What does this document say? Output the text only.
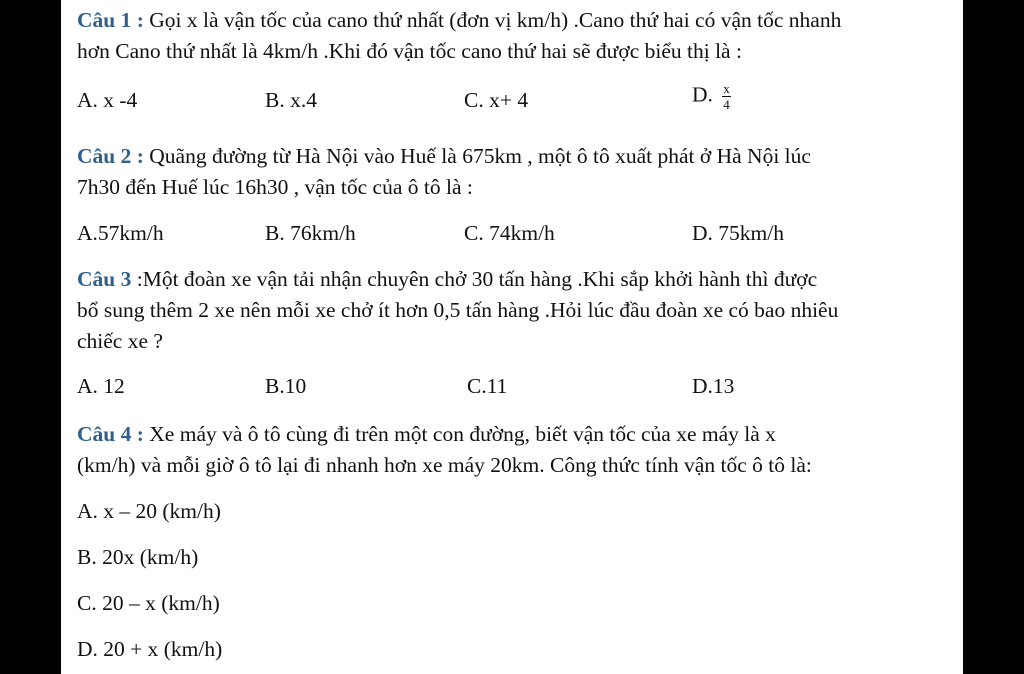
Câu 1 : Gọi x là vận tốc của cano thứ nhất (đơn vị km/h) .Cano thứ hai có vận tốc nhanh
hơn Cano thứ nhất là 4km/h .Khi đó vận tốc cano thứ hai sẽ được biểu thị là :
A. x -4	B. x.4	C. x+ 4	D. $\frac{x}{4}$
Câu 2 : Quãng đường từ Hà Nội vào Huế là 675km , một ô tô xuất phát ở Hà Nội lúc
7h30 đến Huế lúc 16h30 , vận tốc của ô tô là :
A.57km/h	B. 76km/h	C. 74km/h	D. 75km/h
Câu 3 :Một đoàn xe vận tải nhận chuyên chở 30 tấn hàng .Khi sắp khởi hành thì được
bổ sung thêm 2 xe nên mỗi xe chở ít hơn 0,5 tấn hàng .Hỏi lúc đầu đoàn xe có bao nhiêu
chiếc xe ?
A. 12	B.10	C.11	D.13
Câu 4 : Xe máy và ô tô cùng đi trên một con đường, biết vận tốc của xe máy là x
(km/h) và mỗi giờ ô tô lại đi nhanh hơn xe máy 20km. Công thức tính vận tốc ô tô là:
A. x – 20 (km/h)
B. 20x (km/h)
C. 20 – x (km/h)
D. 20 + x (km/h)
